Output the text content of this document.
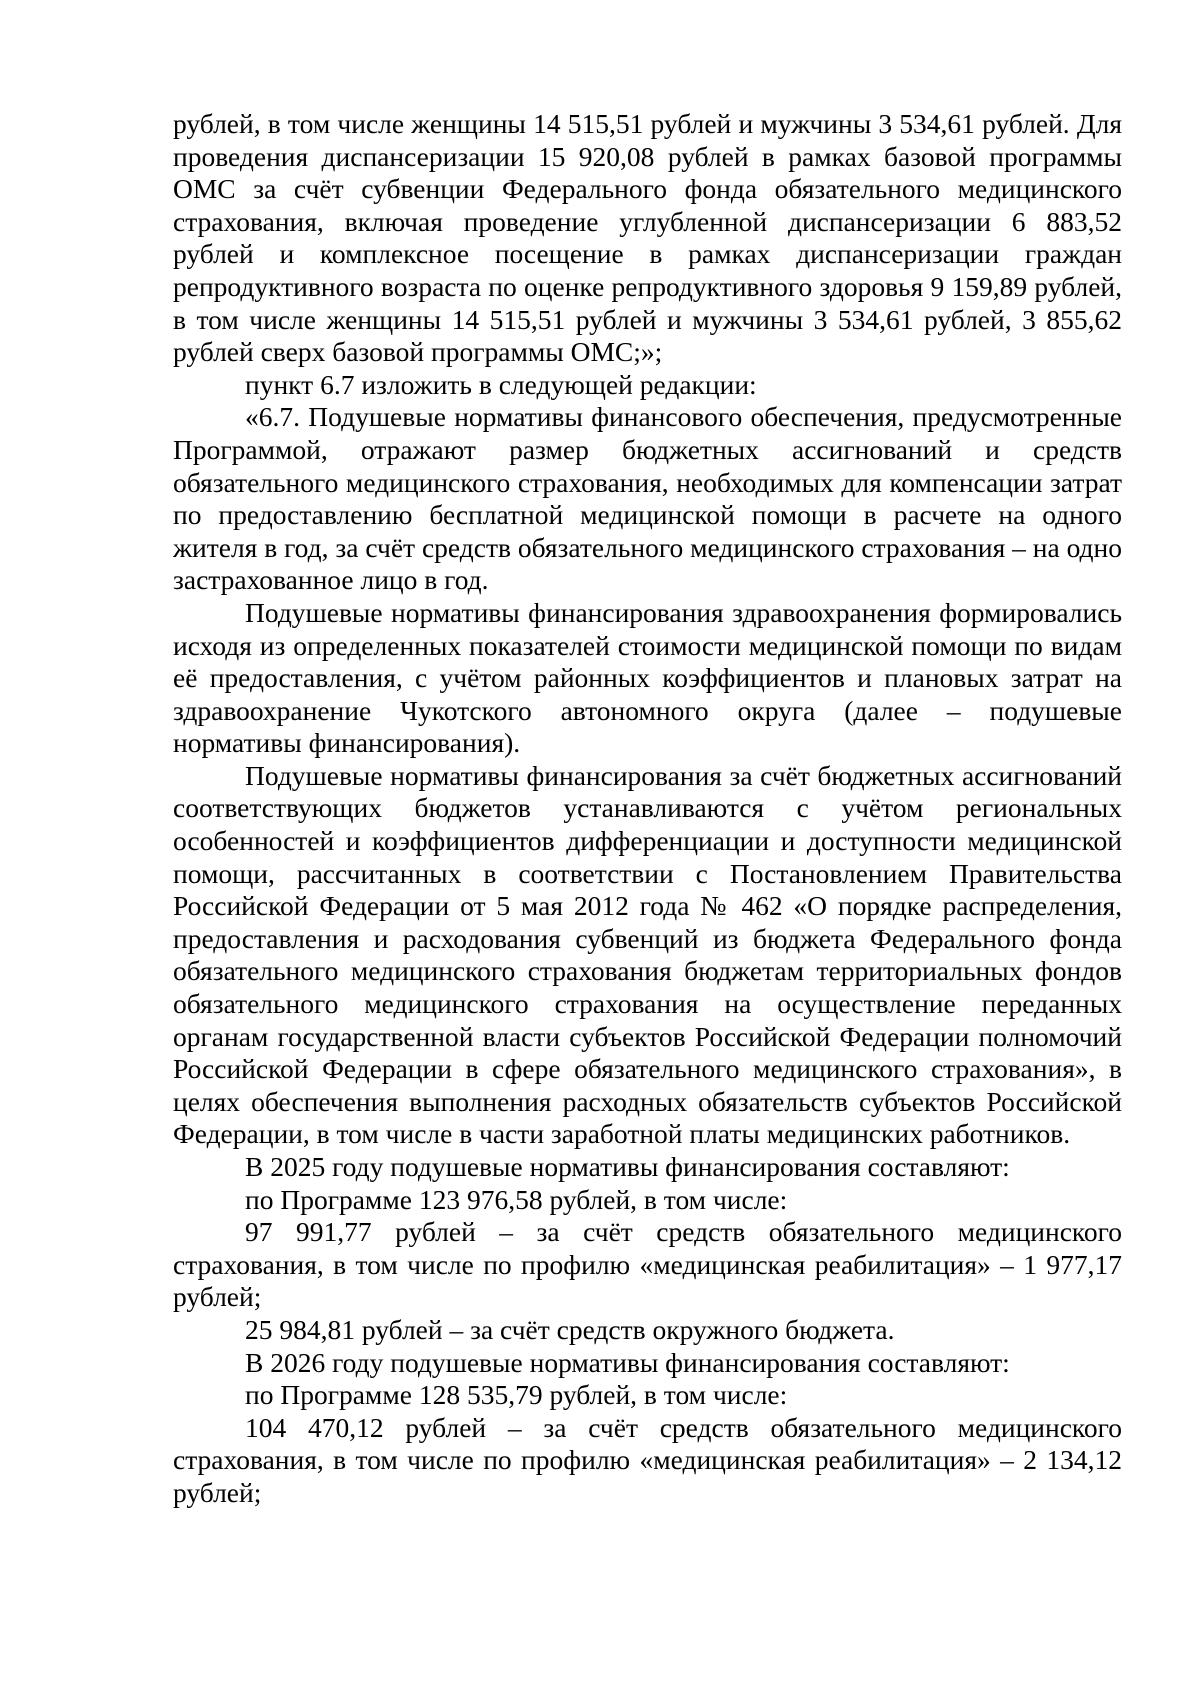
рублей, в том числе женщины 14 515,51 рублей и мужчины 3 534,61 рублей. Для проведения диспансеризации 15 920,08 рублей в рамках базовой программы ОМС за счёт субвенции Федерального фонда обязательного медицинского страхования, включая проведение углубленной диспансеризации 6 883,52 рублей и комплексное посещение в рамках диспансеризации граждан репродуктивного возраста по оценке репродуктивного здоровья 9 159,89 рублей, в том числе женщины 14 515,51 рублей и мужчины 3 534,61 рублей, 3 855,62 рублей сверх базовой программы ОМС;»;

пункт 6.7 изложить в следующей редакции:

«6.7. Подушевые нормативы финансового обеспечения, предусмотренные Программой, отражают размер бюджетных ассигнований и средств обязательного медицинского страхования, необходимых для компенсации затрат по предоставлению бесплатной медицинской помощи в расчете на одного жителя в год, за счёт средств обязательного медицинского страхования – на одно застрахованное лицо в год.

Подушевые нормативы финансирования здравоохранения формировались исходя из определенных показателей стоимости медицинской помощи по видам её предоставления, с учётом районных коэффициентов и плановых затрат на здравоохранение Чукотского автономного округа (далее – подушевые нормативы финансирования).

Подушевые нормативы финансирования за счёт бюджетных ассигнований соответствующих бюджетов устанавливаются с учётом региональных особенностей и коэффициентов дифференциации и доступности медицинской помощи, рассчитанных в соответствии с Постановлением Правительства Российской Федерации от 5 мая 2012 года № 462 «О порядке распределения, предоставления и расходования субвенций из бюджета Федерального фонда обязательного медицинского страхования бюджетам территориальных фондов обязательного медицинского страхования на осуществление переданных органам государственной власти субъектов Российской Федерации полномочий Российской Федерации в сфере обязательного медицинского страхования», в целях обеспечения выполнения расходных обязательств субъектов Российской Федерации, в том числе в части заработной платы медицинских работников.

В 2025 году подушевые нормативы финансирования составляют:

по Программе 123 976,58 рублей, в том числе:

97 991,77 рублей – за счёт средств обязательного медицинского страхования, в том числе по профилю «медицинская реабилитация» – 1 977,17 рублей;

25 984,81 рублей – за счёт средств окружного бюджета.

В 2026 году подушевые нормативы финансирования составляют:

по Программе 128 535,79 рублей, в том числе:

104 470,12 рублей – за счёт средств обязательного медицинского страхования, в том числе по профилю «медицинская реабилитация» – 2 134,12 рублей;
